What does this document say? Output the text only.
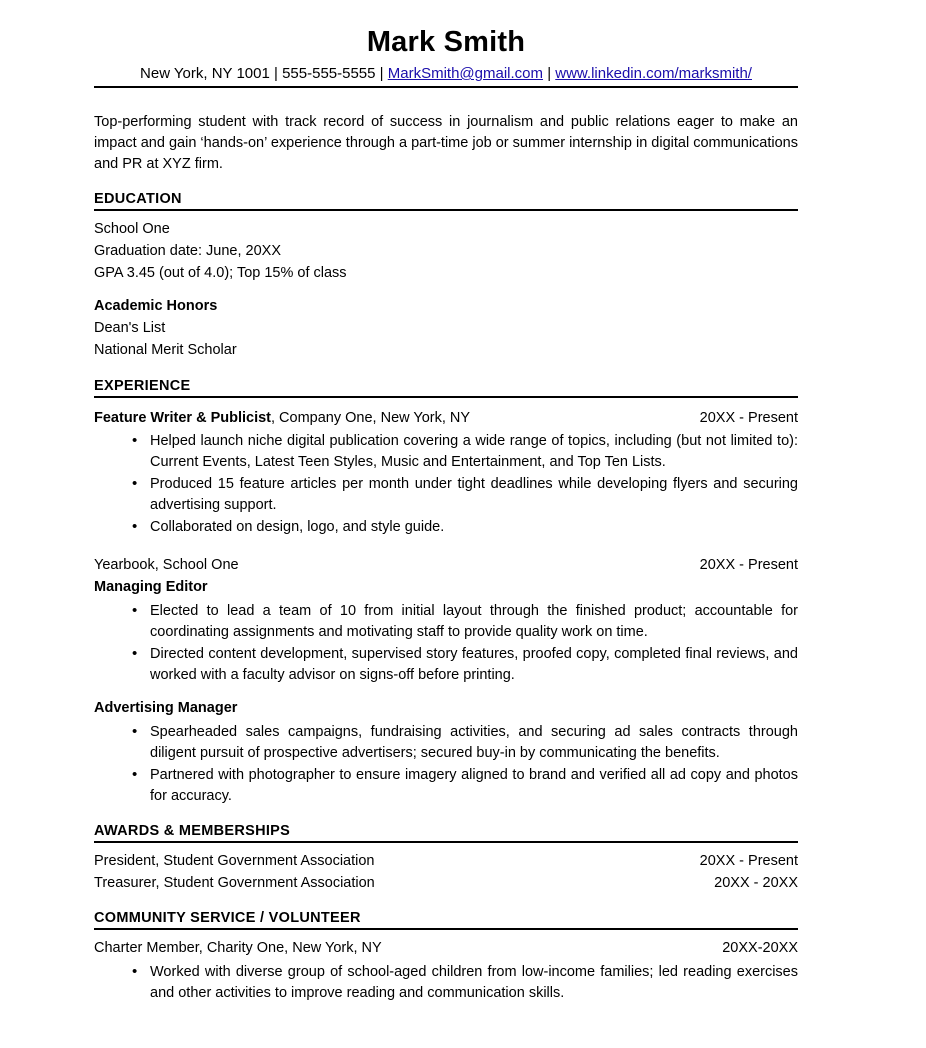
Mark Smith
New York, NY 1001 | 555-555-5555 | MarkSmith@gmail.com | www.linkedin.com/marksmith/
Top-performing student with track record of success in journalism and public relations eager to make an impact and gain ‘hands-on’ experience through a part-time job or summer internship in digital communications and PR at XYZ firm.
EDUCATION
School One
Graduation date: June, 20XX
GPA 3.45 (out of 4.0); Top 15% of class
Academic Honors
Dean's List
National Merit Scholar
EXPERIENCE
Feature Writer & Publicist, Company One, New York, NY	20XX - Present
• Helped launch niche digital publication covering a wide range of topics, including (but not limited to): Current Events, Latest Teen Styles, Music and Entertainment, and Top Ten Lists.
• Produced 15 feature articles per month under tight deadlines while developing flyers and securing advertising support.
• Collaborated on design, logo, and style guide.
Yearbook, School One	20XX - Present
Managing Editor
• Elected to lead a team of 10 from initial layout through the finished product; accountable for coordinating assignments and motivating staff to provide quality work on time.
• Directed content development, supervised story features, proofed copy, completed final reviews, and worked with a faculty advisor on signs-off before printing.
Advertising Manager
• Spearheaded sales campaigns, fundraising activities, and securing ad sales contracts through diligent pursuit of prospective advertisers; secured buy-in by communicating the benefits.
• Partnered with photographer to ensure imagery aligned to brand and verified all ad copy and photos for accuracy.
AWARDS & MEMBERSHIPS
President, Student Government Association	20XX - Present
Treasurer, Student Government Association	20XX - 20XX
COMMUNITY SERVICE / VOLUNTEER
Charter Member, Charity One, New York, NY	20XX-20XX
• Worked with diverse group of school-aged children from low-income families; led reading exercises and other activities to improve reading and communication skills.
